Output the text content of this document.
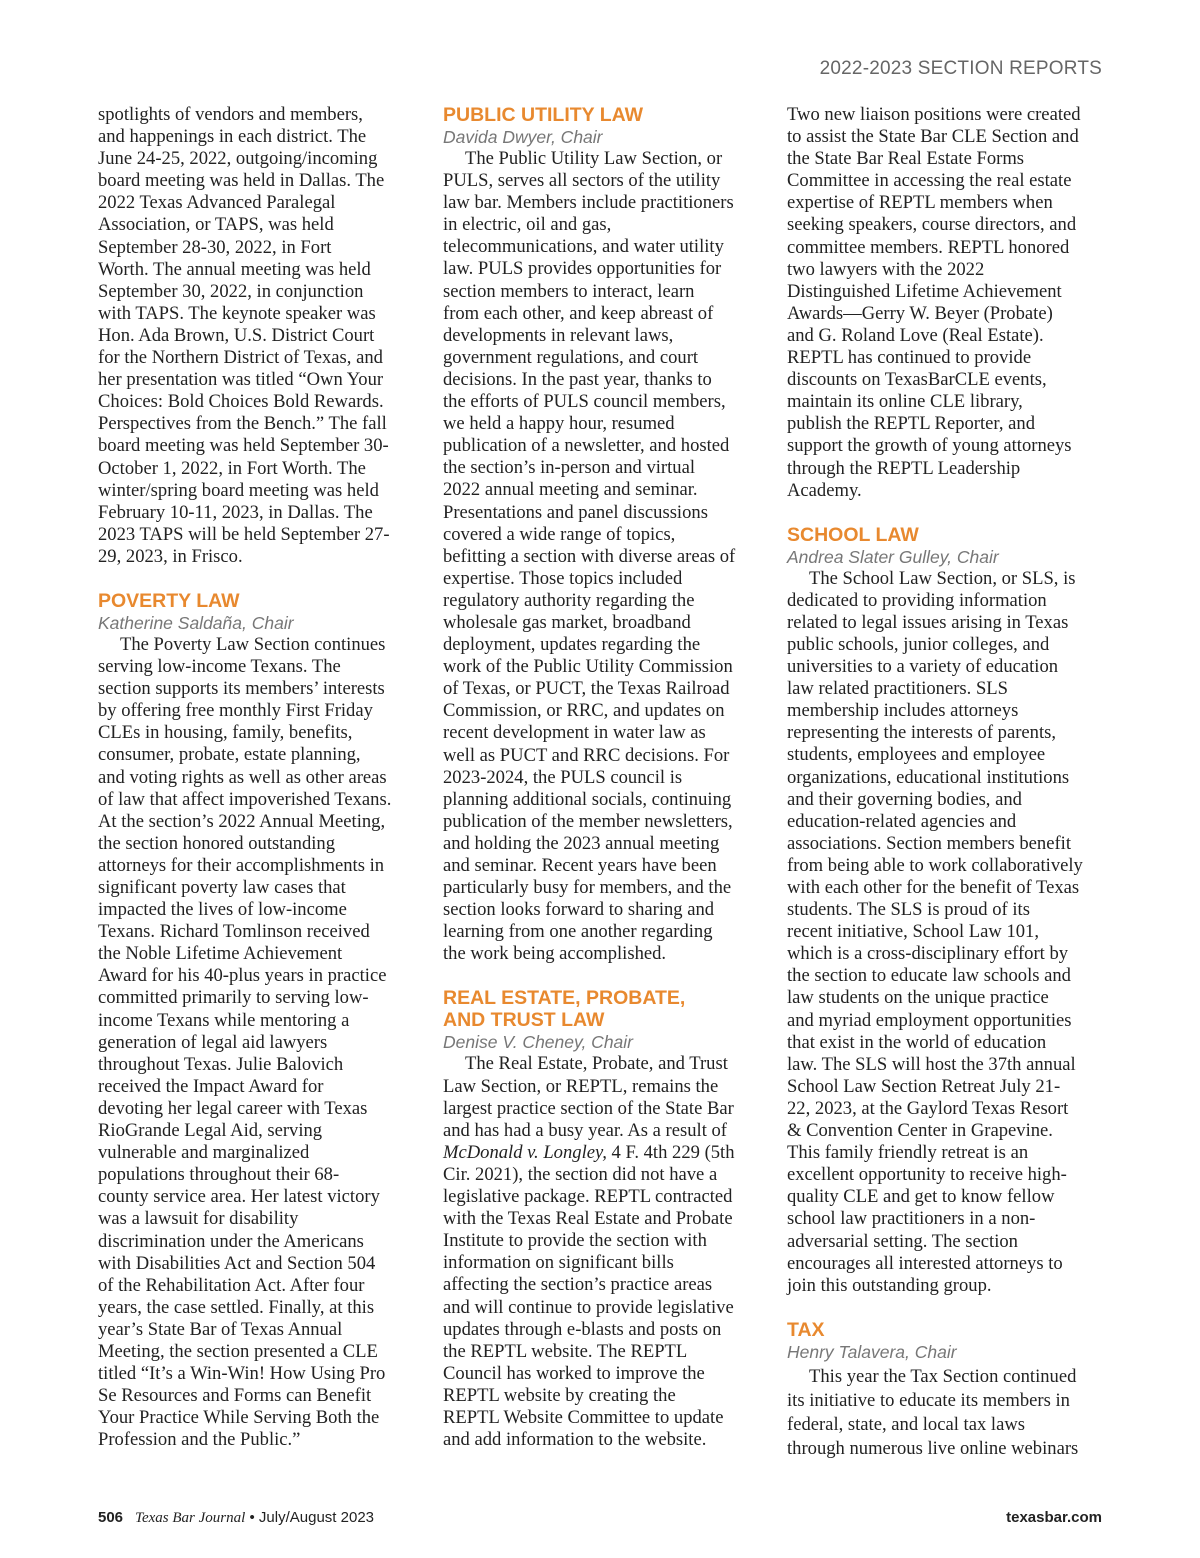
2022-2023 SECTION REPORTS
spotlights of vendors and members,
and happenings in each district. The
June 24-25, 2022, outgoing/incoming
board meeting was held in Dallas. The
2022 Texas Advanced Paralegal
Association, or TAPS, was held
September 28-30, 2022, in Fort
Worth. The annual meeting was held
September 30, 2022, in conjunction
with TAPS. The keynote speaker was
Hon. Ada Brown, U.S. District Court
for the Northern District of Texas, and
her presentation was titled “Own Your
Choices: Bold Choices Bold Rewards.
Perspectives from the Bench.” The fall
board meeting was held September 30-
October 1, 2022, in Fort Worth. The
winter/spring board meeting was held
February 10-11, 2023, in Dallas. The
2023 TAPS will be held September 27-
29, 2023, in Frisco.

POVERTY LAW

Katherine Saldaña, Chair

The Poverty Law Section continues
serving low-income Texans. The
section supports its members’ interests
by offering free monthly First Friday
CLEs in housing, family, benefits,
consumer, probate, estate planning,
and voting rights as well as other areas
of law that affect impoverished Texans.
At the section’s 2022 Annual Meeting,
the section honored outstanding
attorneys for their accomplishments in
significant poverty law cases that
impacted the lives of low-income
Texans. Richard Tomlinson received
the Noble Lifetime Achievement
Award for his 40-plus years in practice
committed primarily to serving low-
income Texans while mentoring a
generation of legal aid lawyers
throughout Texas. Julie Balovich
received the Impact Award for
devoting her legal career with Texas
RioGrande Legal Aid, serving
vulnerable and marginalized
populations throughout their 68-
county service area. Her latest victory
was a lawsuit for disability
discrimination under the Americans
with Disabilities Act and Section 504
of the Rehabilitation Act. After four
years, the case settled. Finally, at this
year’s State Bar of Texas Annual
Meeting, the section presented a CLE
titled “It’s a Win-Win! How Using Pro
Se Resources and Forms can Benefit
Your Practice While Serving Both the
Profession and the Public.”

PUBLIC UTILITY LAW

Davida Dwyer, Chair

The Public Utility Law Section, or
PULS, serves all sectors of the utility
law bar. Members include practitioners
in electric, oil and gas,
telecommunications, and water utility
law. PULS provides opportunities for
section members to interact, learn
from each other, and keep abreast of
developments in relevant laws,
government regulations, and court
decisions. In the past year, thanks to
the efforts of PULS council members,
we held a happy hour, resumed
publication of a newsletter, and hosted
the section’s in-person and virtual
2022 annual meeting and seminar.
Presentations and panel discussions
covered a wide range of topics,
befitting a section with diverse areas of
expertise. Those topics included
regulatory authority regarding the
wholesale gas market, broadband
deployment, updates regarding the
work of the Public Utility Commission
of Texas, or PUCT, the Texas Railroad
Commission, or RRC, and updates on
recent development in water law as
well as PUCT and RRC decisions. For
2023-2024, the PULS council is
planning additional socials, continuing
publication of the member newsletters,
and holding the 2023 annual meeting
and seminar. Recent years have been
particularly busy for members, and the
section looks forward to sharing and
learning from one another regarding
the work being accomplished.

REAL ESTATE, PROBATE,

AND TRUST LAW

Denise V. Cheney, Chair

The Real Estate, Probate, and Trust
Law Section, or REPTL, remains the
largest practice section of the State Bar
and has had a busy year. As a result of

McDonald v. Longley, 4 F. 4th 229 (5th

Cir. 2021), the section did not have a
legislative package. REPTL contracted
with the Texas Real Estate and Probate
Institute to provide the section with
information on significant bills
affecting the section’s practice areas
and will continue to provide legislative
updates through e-blasts and posts on
the REPTL website. The REPTL
Council has worked to improve the
REPTL website by creating the
REPTL Website Committee to update
and add information to the website.
Two new liaison positions were created
to assist the State Bar CLE Section and
the State Bar Real Estate Forms
Committee in accessing the real estate
expertise of REPTL members when
seeking speakers, course directors, and
committee members. REPTL honored
two lawyers with the 2022
Distinguished Lifetime Achievement
Awards—Gerry W. Beyer (Probate)
and G. Roland Love (Real Estate).
REPTL has continued to provide
discounts on TexasBarCLE events,
maintain its online CLE library,
publish the REPTL Reporter, and
support the growth of young attorneys
through the REPTL Leadership
Academy.

SCHOOL LAW

Andrea Slater Gulley, Chair

The School Law Section, or SLS, is
dedicated to providing information
related to legal issues arising in Texas
public schools, junior colleges, and
universities to a variety of education
law related practitioners. SLS
membership includes attorneys
representing the interests of parents,
students, employees and employee
organizations, educational institutions
and their governing bodies, and
education-related agencies and
associations. Section members benefit
from being able to work collaboratively
with each other for the benefit of Texas
students. The SLS is proud of its
recent initiative, School Law 101,
which is a cross-disciplinary effort by
the section to educate law schools and
law students on the unique practice
and myriad employment opportunities
that exist in the world of education
law. The SLS will host the 37th annual
School Law Section Retreat July 21-
22, 2023, at the Gaylord Texas Resort
& Convention Center in Grapevine.
This family friendly retreat is an
excellent opportunity to receive high-
quality CLE and get to know fellow
school law practitioners in a non-
adversarial setting. The section
encourages all interested attorneys to
join this outstanding group.

TAX

Henry Talavera, Chair

This year the Tax Section continued
its initiative to educate its members in
federal, state, and local tax laws
through numerous live online webinars
506 Texas Bar Journal • July/August 2023	texasbar.com
